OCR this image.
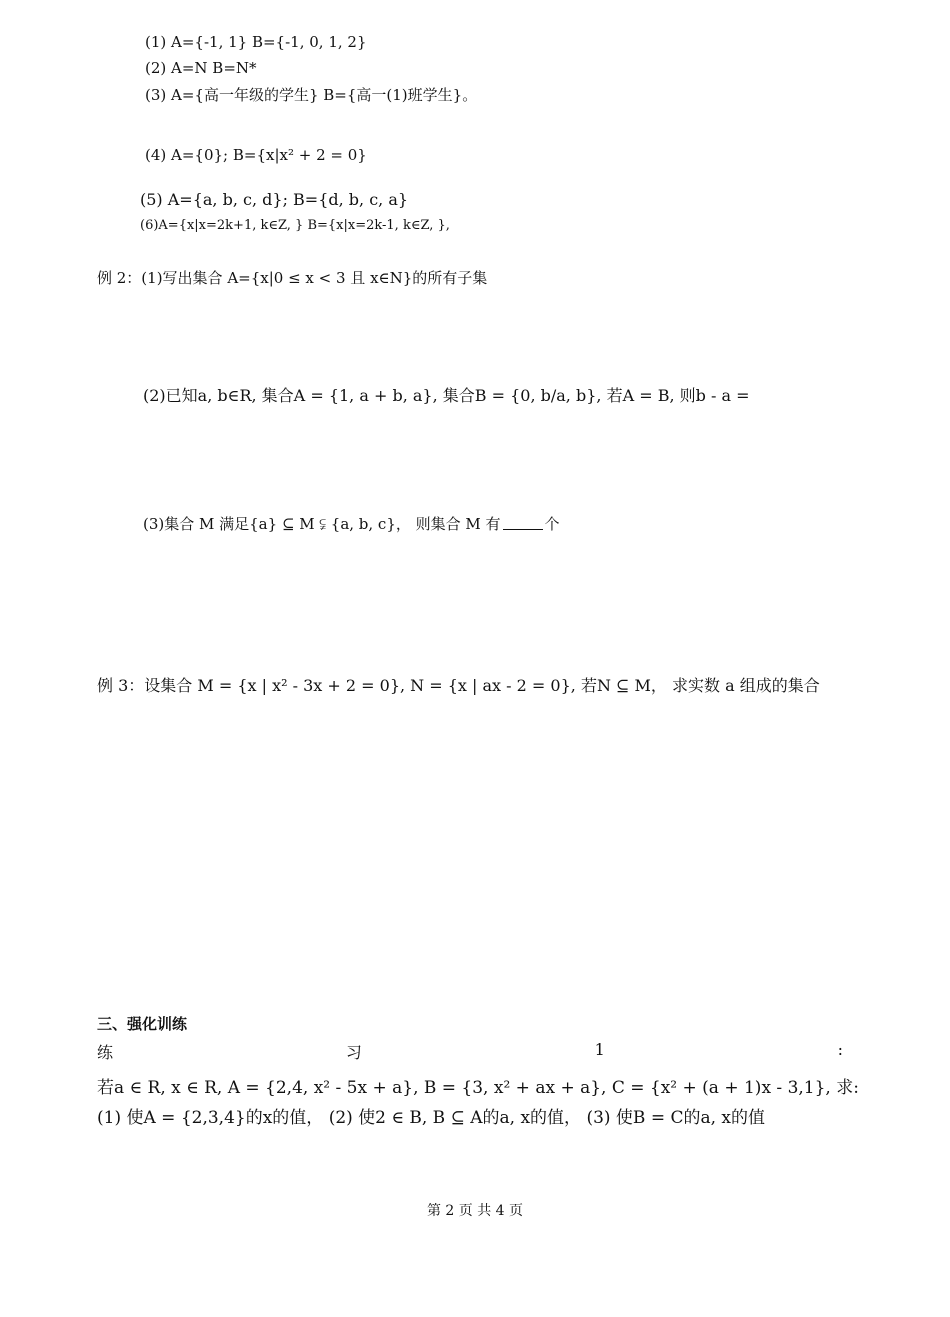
(1) A={-1, 1} B={-1, 0, 1, 2}
(2) A=N B=N*
(3) A={高一年级的学生} B={高一(1)班学生}。
(4) A={0}; B={x|x² + 2 = 0}
(5) A={a, b, c, d}; B={d, b, c, a}
(6)A={x|x=2k+1, k∈Z, } B={x|x=2k-1, k∈Z, },
例 2：(1)写出集合 A={x|0 ≤ x < 3 且 x∈N}的所有子集
(2)已知a, b∈R, 集合A = {1, a + b, a}, 集合B = {0, b/a, b}, 若A = B, 则b - a =
(3)集合 M 满足{a} ⊆ M ⫋ {a, b, c}， 则集合 M 有	个
例 3：设集合 M = {x | x² - 3x + 2 = 0}, N = {x | ax - 2 = 0}, 若N ⊆ M， 求实数 a 组成的集合
三、强化训练
练	习	1	:
若a ∈ R, x ∈ R, A = {2,4, x² - 5x + a}, B = {3, x² + ax + a}, C = {x² + (a + 1)x - 3,1}, 求:
(1) 使A = {2,3,4}的x的值， (2) 使2 ∈ B, B ⊆ A的a, x的值， (3) 使B = C的a, x的值
第 2 页 共 4 页
